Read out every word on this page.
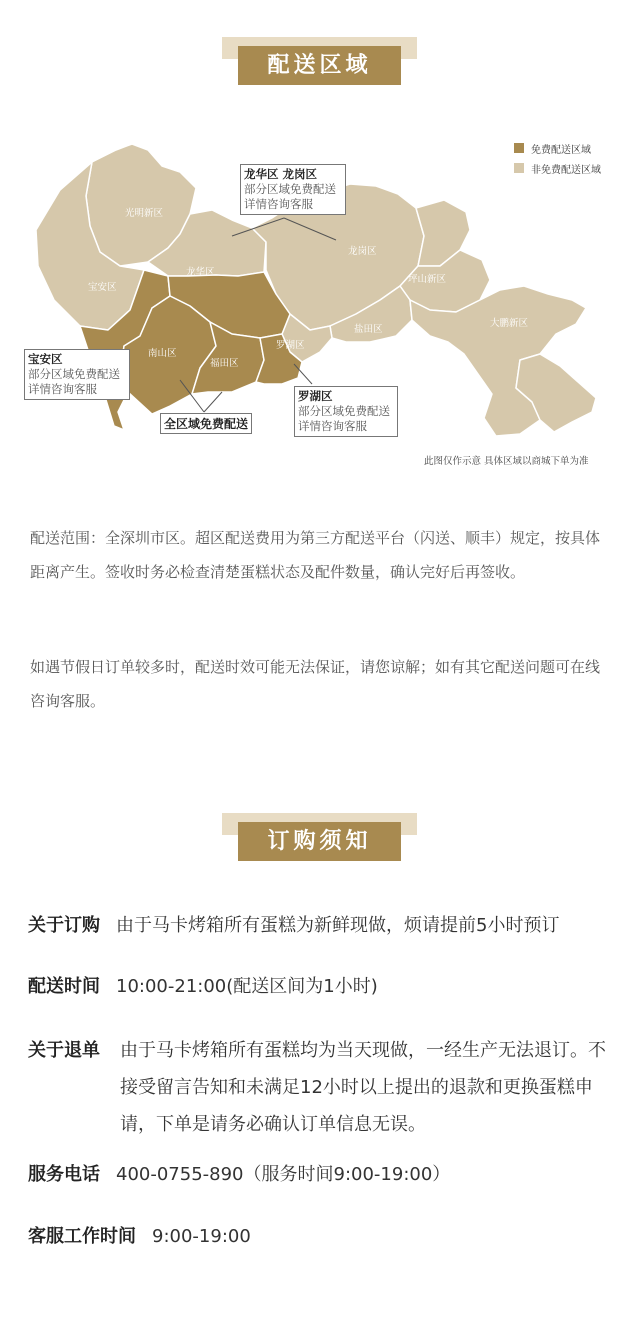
配送区域
光明新区
宝安区
龙华区
南山区
福田区
罗湖区
龙岗区
坪山新区
盐田区
大鹏新区
免费配送区域
非免费配送区域
龙华区 龙岗区
部分区域免费配送
详情咨询客服
宝安区
部分区域免费配送
详情咨询客服	罗湖区
部分区域免费配送
详情咨询客服
全区域免费配送
此图仅作示意 具体区域以商城下单为准
配送范围：全深圳市区。超区配送费用为第三方配送平台（闪送、顺丰）规定，按具体距离产生。签收时务必检查清楚蛋糕状态及配件数量，确认完好后再签收。
如遇节假日订单较多时，配送时效可能无法保证，请您谅解；如有其它配送问题可在线咨询客服。
订购须知
关于订购 由于马卡烤箱所有蛋糕为新鲜现做，烦请提前5小时预订
配送时间 10:00-21:00(配送区间为1小时)
关于退单	由于马卡烤箱所有蛋糕均为当天现做，一经生产无法退订。不接受留言告知和未满足12小时以上提出的退款和更换蛋糕申请，下单是请务必确认订单信息无误。
服务电话 400-0755-890（服务时间9:00-19:00）
客服工作时间 9:00-19:00
